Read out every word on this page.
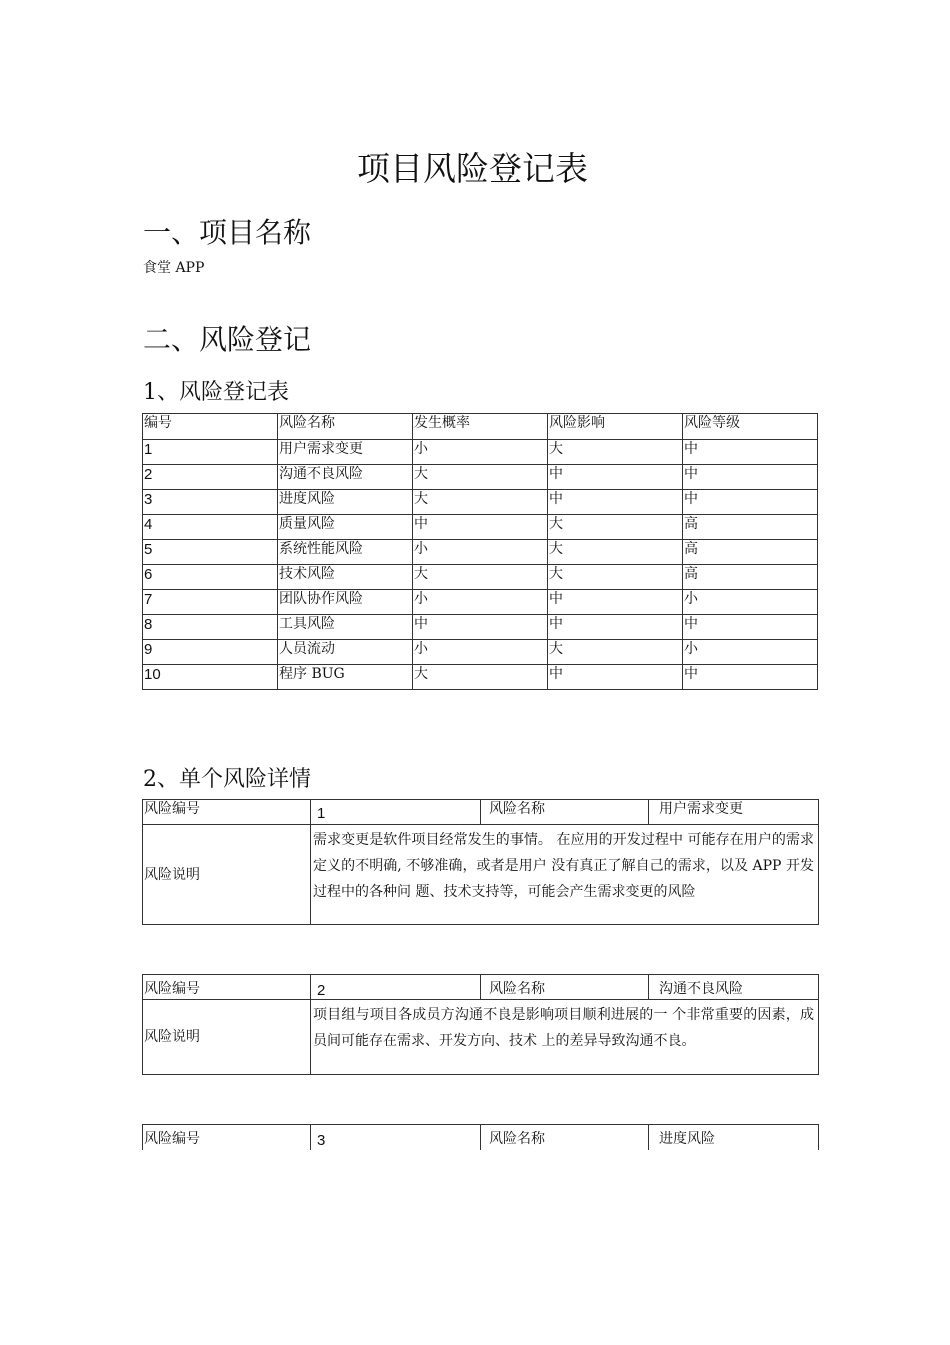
项目风险登记表
一、项目名称
食堂 APP
二、风险登记
1、风险登记表
编号	风险名称	发生概率	风险影响	风险等级
1	用户需求变更	小	大	中
2	沟通不良风险	大	中	中
3	进度风险	大	中	中
4	质量风险	中	大	高
5	系统性能风险	小	大	高
6	技术风险	大	大	高
7	团队协作风险	小	中	小
8	工具风险	中	中	中
9	人员流动	小	大	小
10	程序 BUG	大	中	中
2、单个风险详情
风险编号	1	风险名称	用户需求变更
风险说明	需求变更是软件项目经常发生的事情。 在应用的开发过程中 可能存在用户的需求定义的不明确, 不够准确，或者是用户 没有真正了解自己的需求，以及 APP 开发过程中的各种问 题、技术支持等，可能会产生需求变更的风险		
风险编号	2	风险名称	沟通不良风险
风险说明	项目组与项目各成员方沟通不良是影响项目顺利进展的一 个非常重要的因素，成员间可能存在需求、开发方向、技术 上的差异导致沟通不良。		
风险编号	3	风险名称	进度风险
